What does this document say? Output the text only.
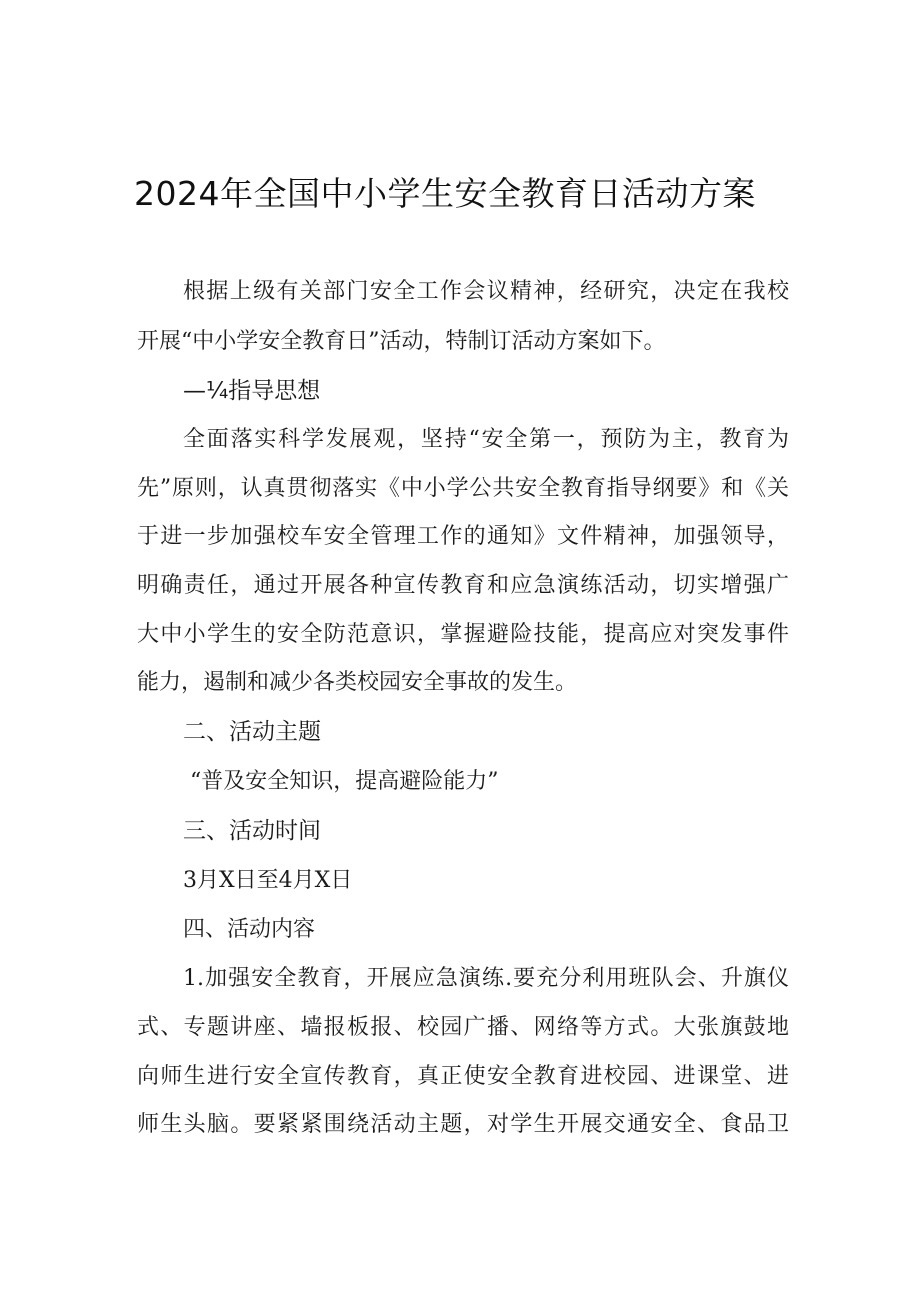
2024年全国中小学生安全教育日活动方案
根据上级有关部门安全工作会议精神，经研究，决定在我校
开展“中小学安全教育日”活动，特制订活动方案如下。
—¼指导思想
全面落实科学发展观，坚持“安全第一，预防为主，教育为
先”原则，认真贯彻落实《中小学公共安全教育指导纲要》和《关
于进一步加强校车安全管理工作的通知》文件精神，加强领导，
明确责任，通过开展各种宣传教育和应急演练活动，切实增强广
大中小学生的安全防范意识，掌握避险技能，提高应对突发事件
能力，遏制和减少各类校园安全事故的发生。
二、活动主题
“普及安全知识，提高避险能力”
三、活动时间
3月X日至4月X日
四、活动内容
1.加强安全教育，开展应急演练.要充分利用班队会、升旗仪
式、专题讲座、墙报板报、校园广播、网络等方式。大张旗鼓地
向师生进行安全宣传教育，真正使安全教育进校园、进课堂、进
师生头脑。要紧紧围绕活动主题，对学生开展交通安全、食品卫
